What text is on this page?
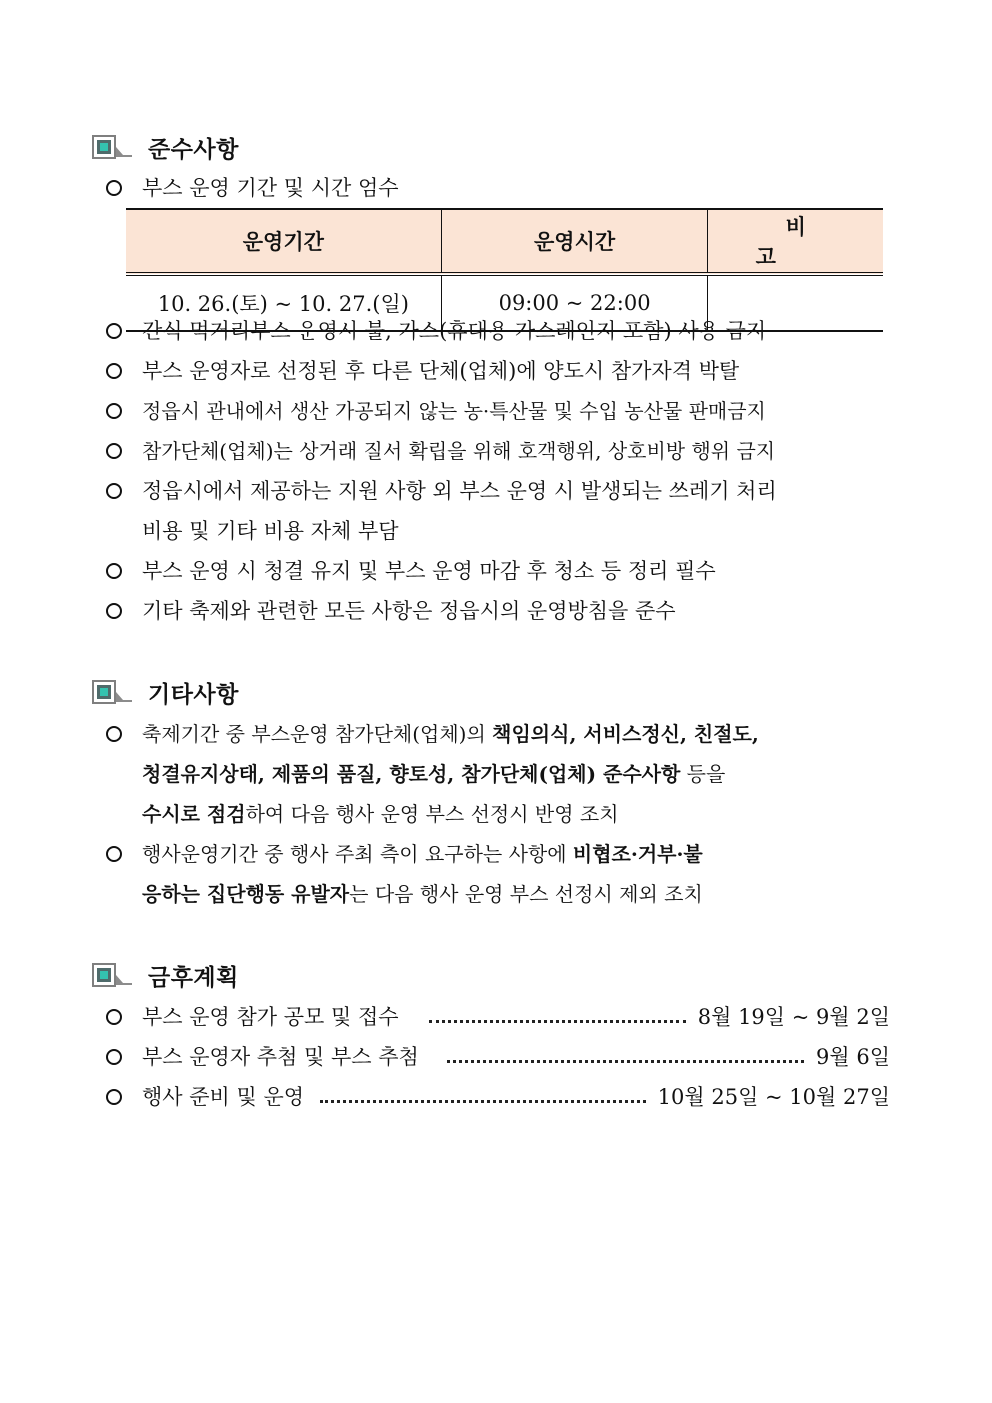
준수사항
부스 운영 기간 및 시간 엄수
운영기간	운영시간	비 고
10. 26.(토) ~ 10. 27.(일)	09:00 ~ 22:00	
간식 먹거리부스 운영시 불, 가스(휴대용 가스레인지 포함) 사용 금지
부스 운영자로 선정된 후 다른 단체(업체)에 양도시 참가자격 박탈
정읍시 관내에서 생산 가공되지 않는 농·특산물 및 수입 농산물 판매금지
참가단체(업체)는 상거래 질서 확립을 위해 호객행위, 상호비방 행위 금지
정읍시에서 제공하는 지원 사항 외 부스 운영 시 발생되는 쓰레기 처리
비용 및 기타 비용 자체 부담
부스 운영 시 청결 유지 및 부스 운영 마감 후 청소 등 정리 필수
기타 축제와 관련한 모든 사항은 정읍시의 운영방침을 준수
기타사항
축제기간 중 부스운영 참가단체(업체)의 책임의식, 서비스정신, 친절도,
청결유지상태, 제품의 품질, 향토성, 참가단체(업체) 준수사항 등을
수시로 점검하여 다음 행사 운영 부스 선정시 반영 조치
행사운영기간 중 행사 주최 측이 요구하는 사항에 비협조·거부·불
응하는 집단행동 유발자는 다음 행사 운영 부스 선정시 제외 조치
금후계획
부스 운영 참가 공모 및 접수	8월 19일 ~ 9월 2일
부스 운영자 추첨 및 부스 추첨	9월 6일
행사 준비 및 운영	10월 25일 ~ 10월 27일
